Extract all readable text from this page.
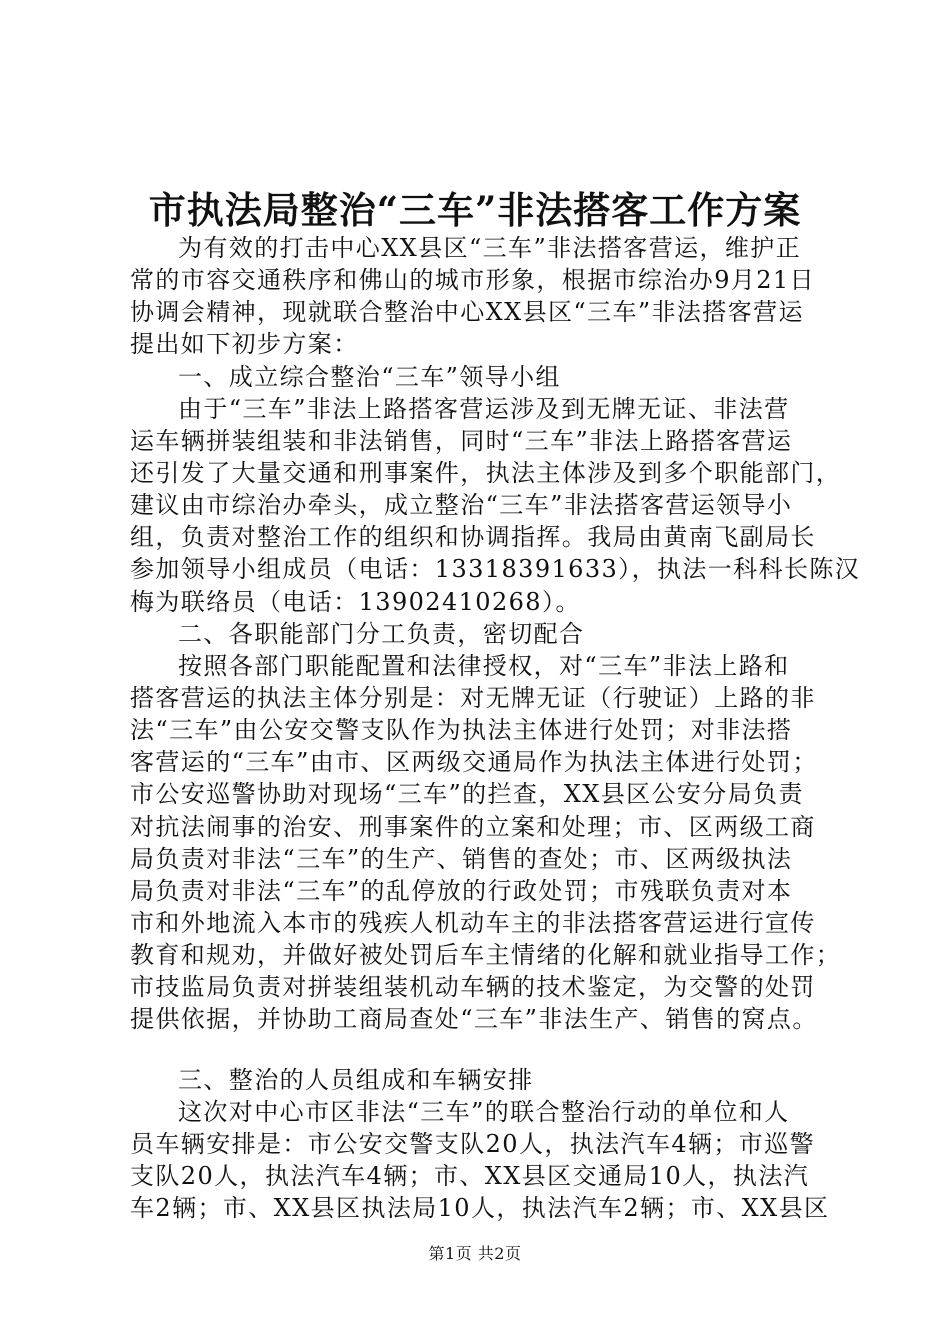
市执法局整治“三车”非法搭客工作方案
为有效的打击中心XX县区“三车”非法搭客营运，维护正
常的市容交通秩序和佛山的城市形象，根据市综治办9月21日
协调会精神，现就联合整治中心XX县区“三车”非法搭客营运
提出如下初步方案：
一、成立综合整治“三车”领导小组
由于“三车”非法上路搭客营运涉及到无牌无证、非法营
运车辆拼装组装和非法销售，同时“三车”非法上路搭客营运
还引发了大量交通和刑事案件，执法主体涉及到多个职能部门，
建议由市综治办牵头，成立整治“三车”非法搭客营运领导小
组，负责对整治工作的组织和协调指挥。我局由黄南飞副局长
参加领导小组成员（电话：13318391633），执法一科科长陈汉
梅为联络员（电话：13902410268）。
二、各职能部门分工负责，密切配合
按照各部门职能配置和法律授权，对“三车”非法上路和
搭客营运的执法主体分别是：对无牌无证（行驶证）上路的非
法“三车”由公安交警支队作为执法主体进行处罚；对非法搭
客营运的“三车”由市、区两级交通局作为执法主体进行处罚；
市公安巡警协助对现场“三车”的拦查，XX县区公安分局负责
对抗法闹事的治安、刑事案件的立案和处理；市、区两级工商
局负责对非法“三车”的生产、销售的查处；市、区两级执法
局负责对非法“三车”的乱停放的行政处罚；市残联负责对本
市和外地流入本市的残疾人机动车主的非法搭客营运进行宣传
教育和规劝，并做好被处罚后车主情绪的化解和就业指导工作；
市技监局负责对拼装组装机动车辆的技术鉴定，为交警的处罚
提供依据，并协助工商局查处“三车”非法生产、销售的窝点。
三、整治的人员组成和车辆安排
这次对中心市区非法“三车”的联合整治行动的单位和人
员车辆安排是：市公安交警支队20人，执法汽车4辆；市巡警
支队20人，执法汽车4辆；市、XX县区交通局10人，执法汽
车2辆；市、XX县区执法局10人，执法汽车2辆；市、XX县区
第1页 共2页
